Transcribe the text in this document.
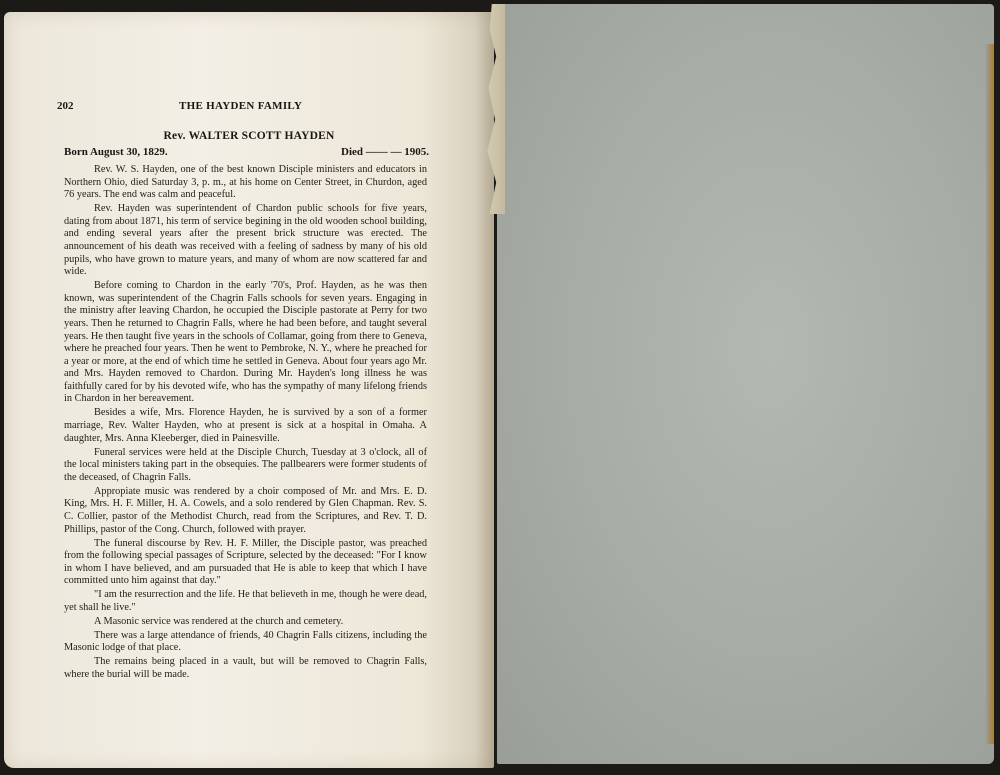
202	THE HAYDEN FAMILY
Rev. WALTER SCOTT HAYDEN
Born August 30, 1829.	Died —— — 1905.

Rev. W. S. Hayden, one of the best known Disciple ministers and educators in Northern Ohio, died Saturday 3, p. m., at his home on Center Street, in Churdon, aged 76 years. The end was calm and peaceful.

Rev. Hayden was superintendent of Chardon public schools for five years, dating from about 1871, his term of service begining in the old wooden school building, and ending several years after the present brick structure was erected. The announcement of his death was received with a feeling of sadness by many of his old pupils, who have grown to mature years, and many of whom are now scattered far and wide.

Before coming to Chardon in the early '70's, Prof. Hayden, as he was then known, was superintendent of the Chagrin Falls schools for seven years. Engaging in the ministry after leaving Chardon, he occupied the Disciple pastorate at Perry for two years. Then he returned to Chagrin Falls, where he had been before, and taught several years. He then taught five years in the schools of Collamar, going from there to Geneva, where he preached four years. Then he went to Pembroke, N. Y., where he preached for a year or more, at the end of which time he settled in Geneva. About four years ago Mr. and Mrs. Hayden removed to Chardon. During Mr. Hayden's long illness he was faithfully cared for by his devoted wife, who has the sympathy of many lifelong friends in Chardon in her bereavement.

Besides a wife, Mrs. Florence Hayden, he is survived by a son of a former marriage, Rev. Walter Hayden, who at present is sick at a hospital in Omaha. A daughter, Mrs. Anna Kleeberger, died in Painesville.

Funeral services were held at the Disciple Church, Tuesday at 3 o'clock, all of the local ministers taking part in the obsequies. The pallbearers were former students of the deceased, of Chagrin Falls.

Appropiate music was rendered by a choir composed of Mr. and Mrs. E. D. King, Mrs. H. F. Miller, H. A. Cowels, and a solo rendered by Glen Chapman. Rev. S. C. Collier, pastor of the Methodist Church, read from the Scriptures, and Rev. T. D. Phillips, pastor of the Cong. Church, followed with prayer.

The funeral discourse by Rev. H. F. Miller, the Disciple pastor, was preached from the following special passages of Scripture, selected by the deceased: "For I know in whom I have believed, and am pursuaded that He is able to keep that which I have committed unto him against that day."

"I am the resurrection and the life. He that believeth in me, though he were dead, yet shall he live."

A Masonic service was rendered at the church and cemetery.

There was a large attendance of friends, 40 Chagrin Falls citizens, including the Masonic lodge of that place.

The remains being placed in a vault, but will be removed to Chagrin Falls, where the burial will be made.
